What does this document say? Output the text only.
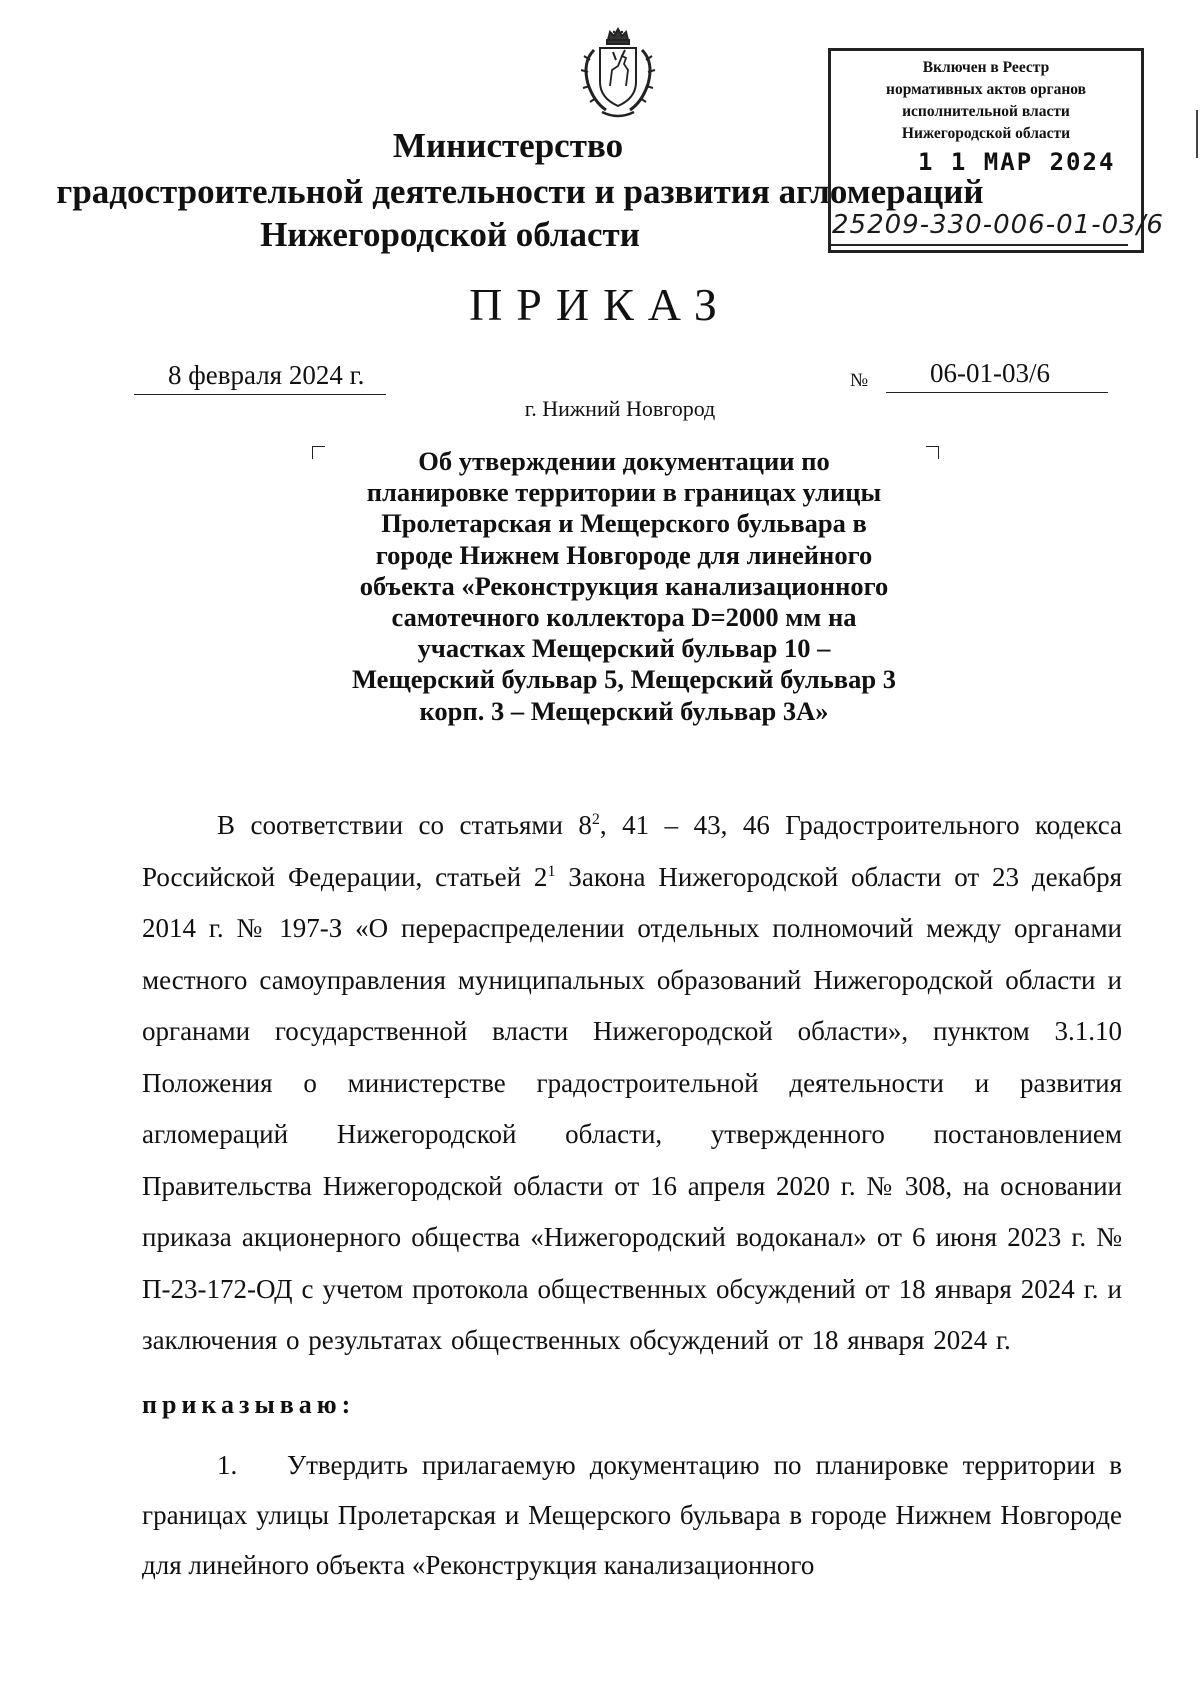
Министерство
градостроительной деятельности и развития агломераций
Нижегородской области
Включен в Реестр
нормативных актов органов
исполнительной власти
Нижегородской области
1 1 МАР 2024
25209-330-006-01-03/6
ПРИКАЗ
8 февраля 2024 г.	№ 06-01-03/6
г. Нижний Новгород
Об утверждении документации по
планировке территории в границах улицы
Пролетарская и Мещерского бульвара в
городе Нижнем Новгороде для линейного
объекта «Реконструкция канализационного
самотечного коллектора D=2000 мм на
участках Мещерский бульвар 10 –
Мещерский бульвар 5, Мещерский бульвар 3
корп. 3 – Мещерский бульвар 3А»
В соответствии со статьями $8^2$, 41 – 43, 46 Градостроительного кодекса Российской Федерации, статьей $2^1$ Закона Нижегородской области от 23 декабря 2014 г. № 197-З «О перераспределении отдельных полномочий между органами местного самоуправления муниципальных образований Нижегородской области и органами государственной власти Нижегородской области», пунктом 3.1.10 Положения о министерстве градостроительной деятельности и развития агломераций Нижегородской области, утвержденного постановлением Правительства Нижегородской области от 16 апреля 2020 г. № 308, на основании приказа акционерного общества «Нижегородский водоканал» от 6 июня 2023 г. № П-23-172-ОД с учетом протокола общественных обсуждений от 18 января 2024 г. и заключения о результатах общественных обсуждений от 18 января 2024 г.
приказываю:
1. Утвердить прилагаемую документацию по планировке территории в границах улицы Пролетарская и Мещерского бульвара в городе Нижнем Новгороде для линейного объекта «Реконструкция канализационного
